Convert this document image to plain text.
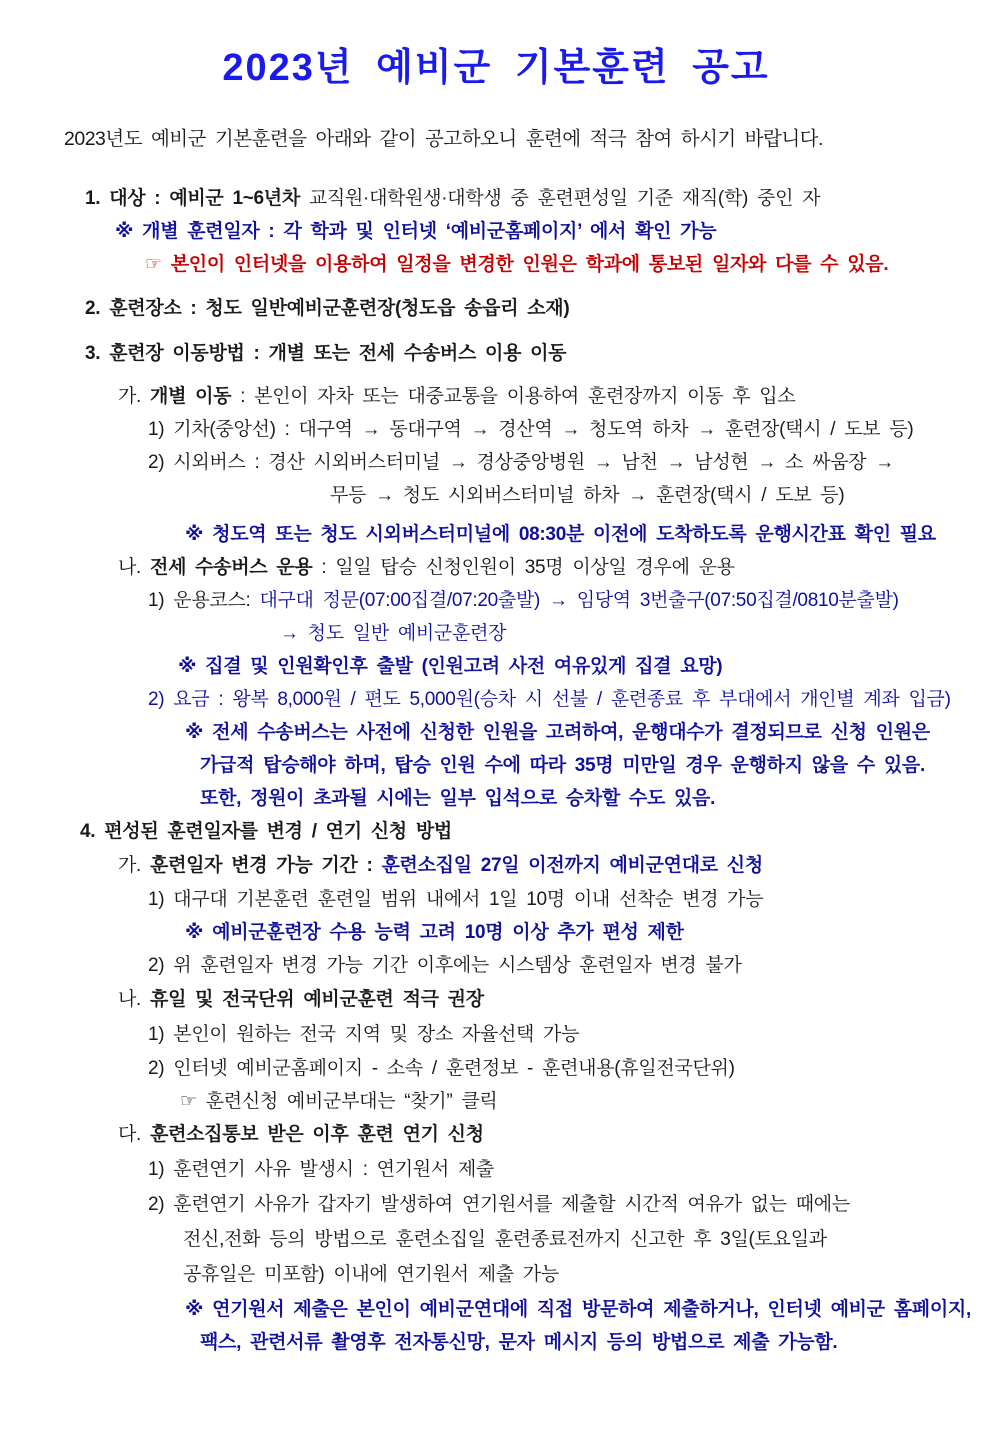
2023년 예비군 기본훈련 공고
2023년도 예비군 기본훈련을 아래와 같이 공고하오니 훈련에 적극 참여 하시기 바랍니다.
1. 대상 : 예비군 1~6년차 교직원·대학원생·대학생 중 훈련편성일 기준 재직(학) 중인 자
※ 개별 훈련일자 : 각 학과 및 인터넷 ‘예비군홈페이지’ 에서 확인 가능
☞ 본인이 인터넷을 이용하여 일정을 변경한 인원은 학과에 통보된 일자와 다를 수 있음.
2. 훈련장소 : 청도 일반예비군훈련장(청도읍 송읍리 소재)
3. 훈련장 이동방법 : 개별 또는 전세 수송버스 이용 이동
가. 개별 이동 : 본인이 자차 또는 대중교통을 이용하여 훈련장까지 이동 후 입소
1) 기차(중앙선) : 대구역 → 동대구역 → 경산역 → 청도역 하차 → 훈련장(택시 / 도보 등)
2) 시외버스 : 경산 시외버스터미널 → 경상중앙병원 → 남천 → 남성현 → 소 싸움장 →
무등 → 청도 시외버스터미널 하차 → 훈련장(택시 / 도보 등)
※ 청도역 또는 청도 시외버스터미널에 08:30분 이전에 도착하도록 운행시간표 확인 필요
나. 전세 수송버스 운용 : 일일 탑승 신청인원이 35명 이상일 경우에 운용
1) 운용코스: 대구대 정문(07:00집결/07:20출발) → 임당역 3번출구(07:50집결/0810분출발)
→ 청도 일반 예비군훈련장
※ 집결 및 인원확인후 출발 (인원고려 사전 여유있게 집결 요망)
2) 요금 : 왕복 8,000원 / 편도 5,000원(승차 시 선불 / 훈련종료 후 부대에서 개인별 계좌 입금)
※ 전세 수송버스는 사전에 신청한 인원을 고려하여, 운행대수가 결정되므로 신청 인원은
가급적 탑승해야 하며, 탑승 인원 수에 따라 35명 미만일 경우 운행하지 않을 수 있음.
또한, 정원이 초과될 시에는 일부 입석으로 승차할 수도 있음.
4. 편성된 훈련일자를 변경 / 연기 신청 방법
가. 훈련일자 변경 가능 기간 : 훈련소집일 27일 이전까지 예비군연대로 신청
1) 대구대 기본훈련 훈련일 범위 내에서 1일 10명 이내 선착순 변경 가능
※ 예비군훈련장 수용 능력 고려 10명 이상 추가 편성 제한
2) 위 훈련일자 변경 가능 기간 이후에는 시스템상 훈련일자 변경 불가
나. 휴일 및 전국단위 예비군훈련 적극 권장
1) 본인이 원하는 전국 지역 및 장소 자율선택 가능
2) 인터넷 예비군홈페이지 - 소속 / 훈련정보 - 훈련내용(휴일전국단위)
☞ 훈련신청 예비군부대는 “찾기” 클릭
다. 훈련소집통보 받은 이후 훈련 연기 신청
1) 훈련연기 사유 발생시 : 연기원서 제출
2) 훈련연기 사유가 갑자기 발생하여 연기원서를 제출할 시간적 여유가 없는 때에는
전신,전화 등의 방법으로 훈련소집일 훈련종료전까지 신고한 후 3일(토요일과
공휴일은 미포함) 이내에 연기원서 제출 가능
※ 연기원서 제출은 본인이 예비군연대에 직접 방문하여 제출하거나, 인터넷 예비군 홈페이지,
팩스, 관련서류 촬영후 전자통신망, 문자 메시지 등의 방법으로 제출 가능함.
